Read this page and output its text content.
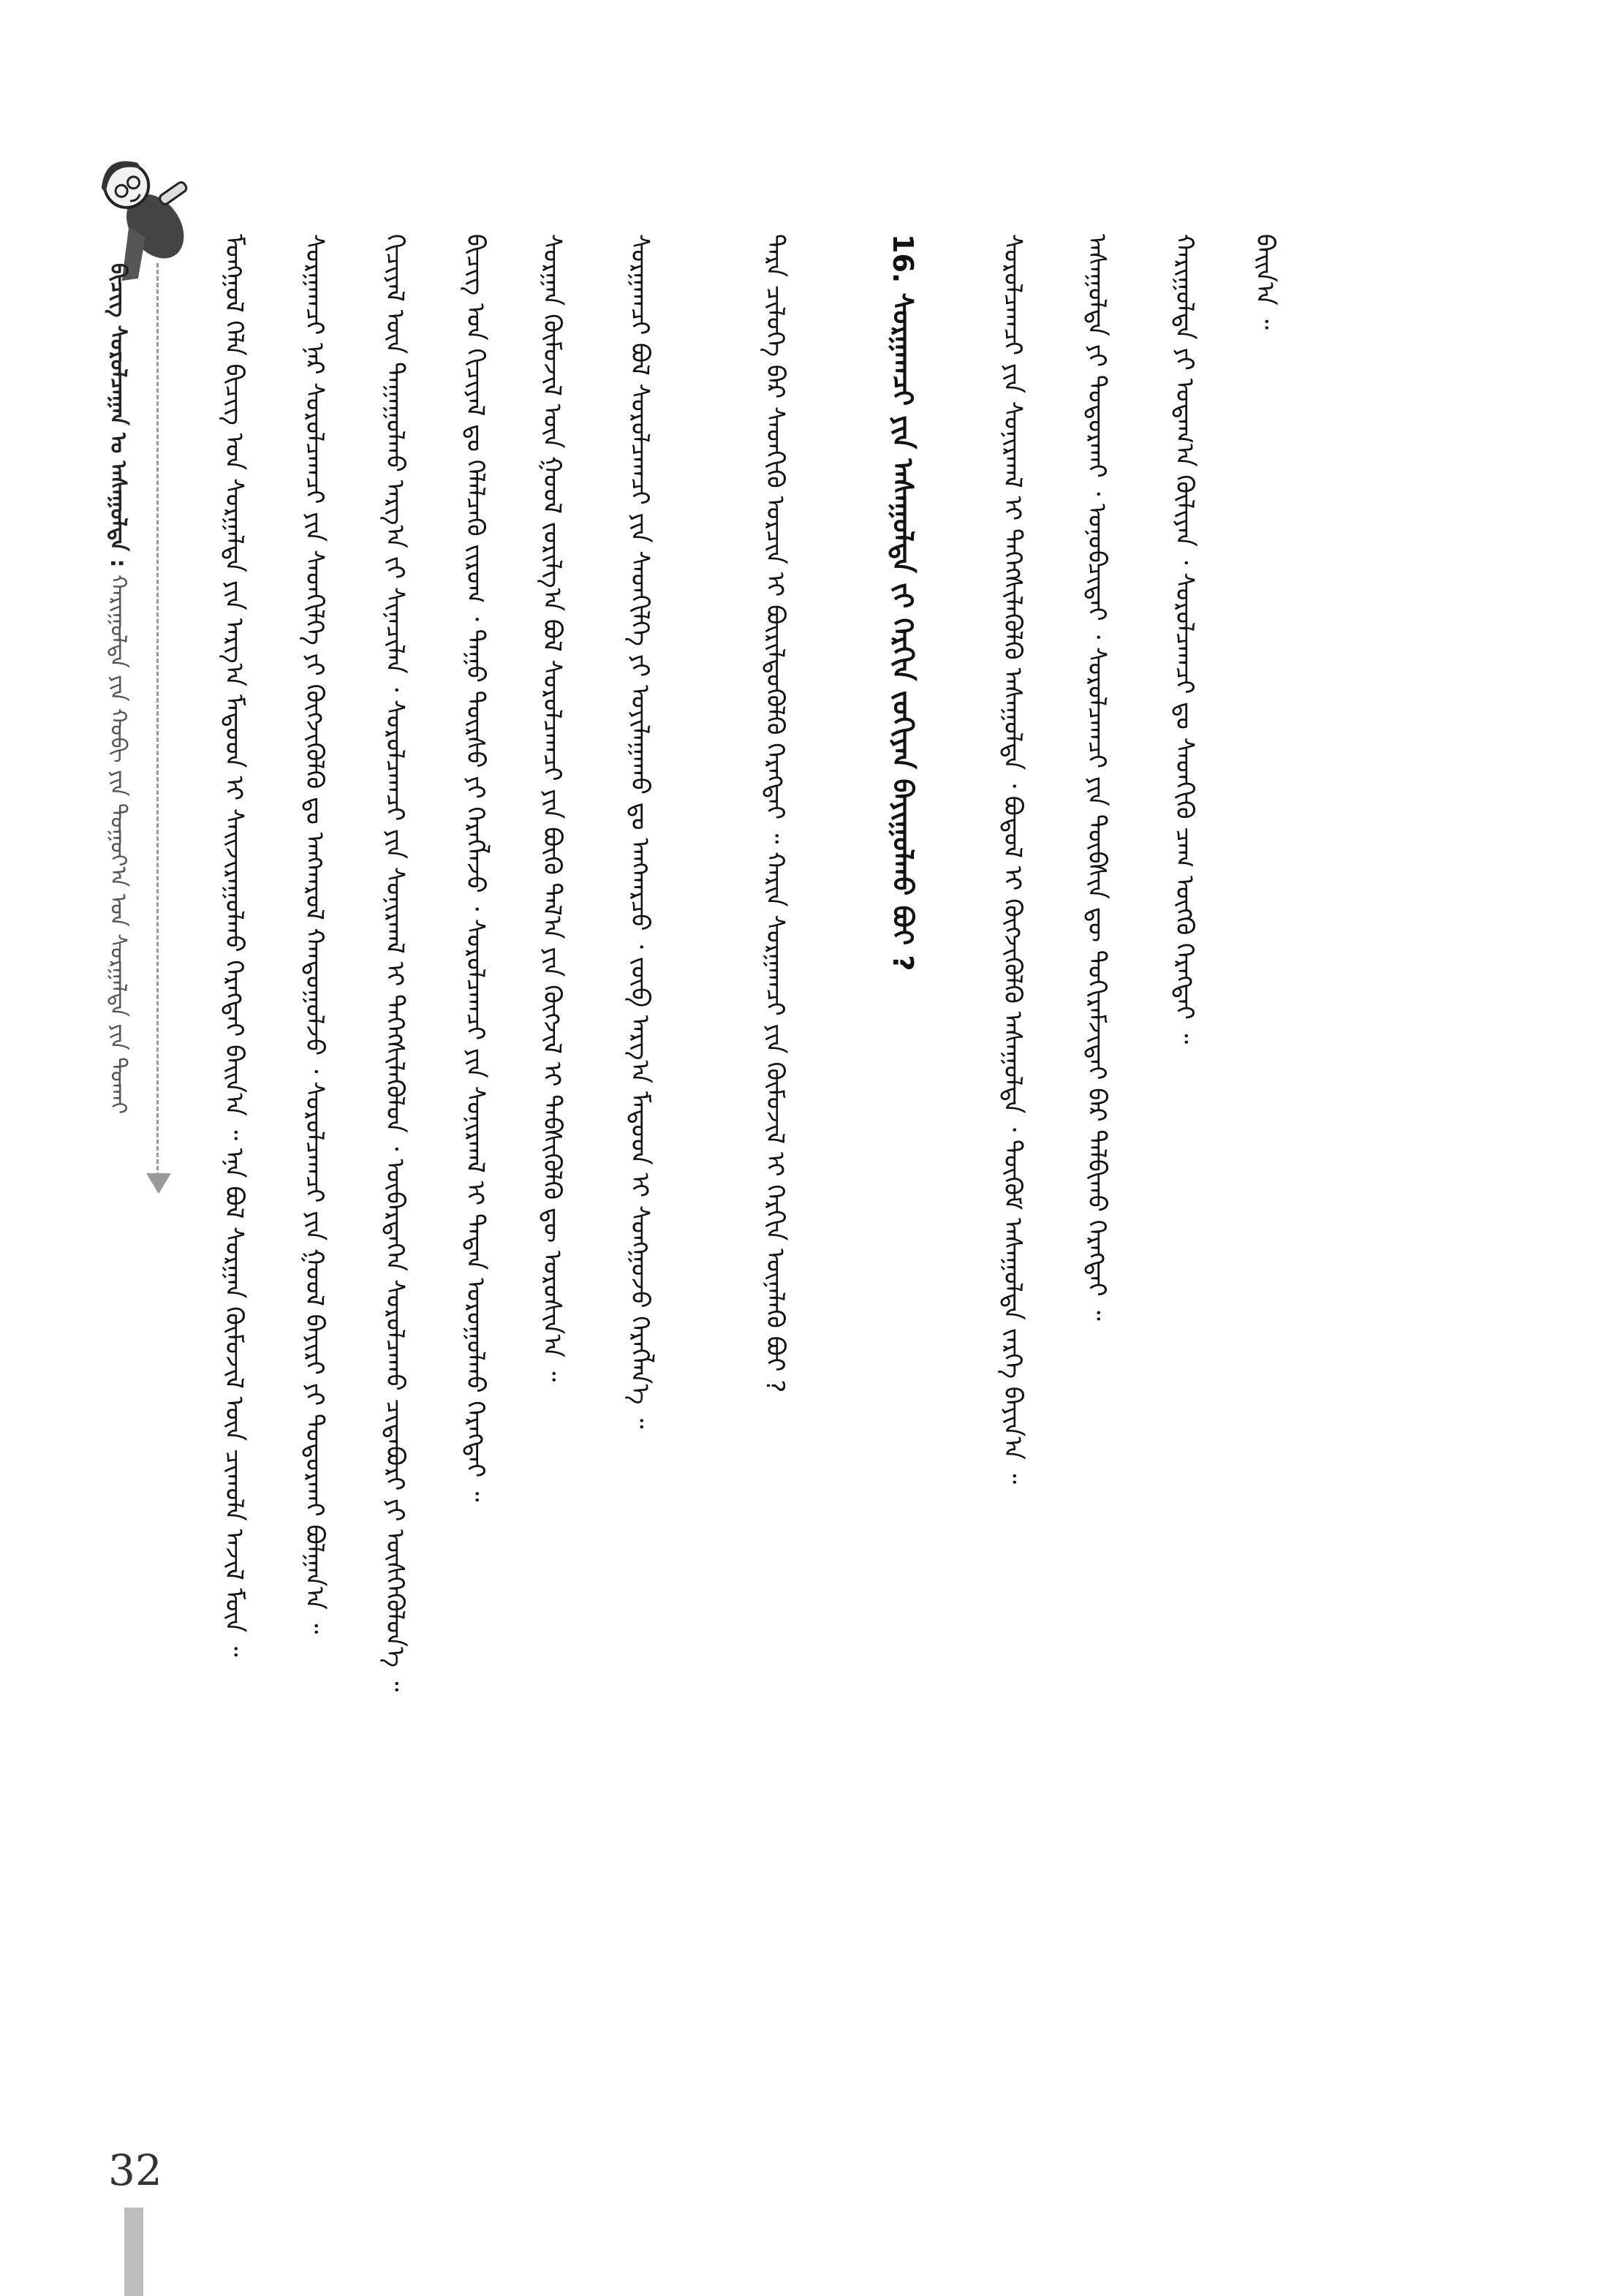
ᠪᠢᠴᠢᠭ ᠰᠤᠷᠤᠯᠴᠠᠭᠠᠨ ᠤ ᠠᠰᠠᠭᠤᠯᠲᠠ : ᠬᠠᠷᠢᠭᠤᠯᠲᠠ ᠶᠢᠨ ᠬᠤᠪᠢ ᠶᠢᠨ ᠳᠤᠭᠤᠶ᠎ᠠ ᠤᠨ ᠰᠤᠷᠭᠠᠯᠲᠠ ᠶᠢᠨ ᠲᠤᠬᠠᠢ	ᠮᠣᠩᠭᠣᠯ ᠬᠡᠯᠡ ᠪᠢᠴᠢᠭ ᠤᠨ ᠰᠤᠷᠭᠠᠯᠲᠠ ᠶᠢᠨ ᠠᠷᠭ᠎ᠠ ᠮᠡᠲᠤᠳ ᠢ ᠰᠠᠢᠵᠢᠷᠠᠭᠤᠯᠬᠤ ᠬᠡᠷᠡᠭᠲᠡᠢ ᠪᠠᠢᠨ᠎ᠠ ᠃ ᠡᠨᠡ ᠪᠤᠯ ᠰᠤᠷᠭᠠᠨ ᠬᠦᠮᠦᠵᠢᠯ ᠦᠨ ᠴᠢᠬᠤᠯᠠ ᠠᠵᠢᠯ ᠮᠥᠨ ᠃ ᠰᠤᠷᠭᠠᠭᠴᠢ ᠨᠠᠷ ᠰᠤᠷᠤᠯᠴᠠᠭᠴᠢ ᠶᠢᠨ ᠰᠡᠳᠬᠢᠯᠭᠡ ᠶᠢ ᠬᠥᠭᠵᠢᠭᠦᠯᠬᠦ ᠳᠤ ᠠᠩᠬᠠᠷᠤᠯ ᠬᠠᠨᠳᠤᠭᠤᠯᠵᠤ ᠂ ᠰᠤᠷᠤᠯᠴᠠᠭᠴᠢ ᠶᠢᠨ ᠭᠣᠣᠯ ᠪᠠᠶᠢᠷᠢ ᠶᠢ ᠲᠣᠳᠣᠷᠬᠠᠢ ᠪᠣᠯᠭᠠᠨ᠎ᠠ ᠃ ᠬᠢᠴᠢᠶᠡᠯ ᠦᠨ ᠳᠠᠭᠠᠭᠤᠯᠬᠤ ᠠᠷᠭ᠎ᠠ ᠵᠢ ᠰᠢᠨᠡᠴᠢᠯᠡᠨ ᠂ ᠰᠤᠷᠤᠯᠴᠠᠭᠴᠢ ᠶᠢᠨ ᠰᠣᠨᠢᠷᠬᠠᠯ ᠢ ᠳᠡᠭᠡᠭᠰᠢᠯᠡᠭᠦᠯᠦᠨ ᠂ ᠥᠪᠡᠷᠲᠡᠭᠡᠨ ᠰᠤᠷᠤᠯᠴᠠᠬᠤ ᠴᠢᠳᠠᠪᠤᠷᠢ ᠶᠢ ᠥᠰᠭᠡᠭᠦᠯᠦᠨ᠎ᠡ ᠃ ᠪᠢᠴᠢᠭ ᠤᠨ ᠬᠢᠴᠢᠶᠡᠯ ᠳᠤ ᠬᠡᠯᠡᠯᠴᠡᠬᠦ ᠵᠢᠷᠤᠭ ᠂ ᠳᠠᠭᠤ ᠳᠦᠷᠰᠦ ᠶᠢ ᠬᠡᠷᠡᠭᠯᠡᠵᠦ ᠂ ᠰᠤᠷᠤᠯᠴᠠᠭᠴᠢ ᠶᠢᠨ ᠰᠣᠨᠢᠷᠬᠠᠯ ᠢ ᠲᠠᠲᠠᠨ ᠣᠷᠣᠭᠤᠯᠬᠤ ᠬᠡᠷᠡᠭᠲᠡᠢ ᠃ ᠰᠤᠷᠭᠠᠨ ᠬᠦᠮᠦᠵᠢᠯ ᠦᠨ ᠭᠣᠣᠯ ᠵᠣᠷᠢᠯᠭ᠎ᠠ ᠪᠣᠯ ᠰᠤᠷᠤᠯᠴᠠᠭᠴᠢ ᠶᠢᠨ ᠪᠦᠬᠦ ᠲᠠᠯ᠎ᠠ ᠶᠢᠨ ᠬᠥᠭᠵᠢᠯ ᠢ ᠳᠡᠪᠰᠢᠭᠦᠯᠬᠦ ᠳᠦ ᠣᠷᠣᠰᠢᠨ᠎ᠠ ᠃ ᠰᠤᠷᠭᠠᠭᠴᠢ ᠪᠣᠯ ᠰᠤᠷᠤᠯᠴᠠᠭᠴᠢ ᠶᠢᠨ ᠰᠡᠳᠬᠢᠯᠭᠡ ᠶᠢ ᠣᠶᠢᠯᠠᠭᠠᠬᠤ ᠳᠤ ᠠᠩᠬᠠᠷᠴᠤ ᠂ ᠵᠥᠪ ᠠᠷᠭ᠎ᠠ ᠮᠡᠲᠤᠳ ᠢ ᠰᠣᠩᠭᠣᠵᠤ ᠬᠡᠷᠡᠭᠯᠡᠨ᠎ᠡ ᠃	ᠲᠡᠷᠡ ᠴᠢᠯᠦᠭᠡ ᠪᠡᠷ ᠰᠡᠳᠬᠢᠬᠦ ᠣᠷᠴᠢᠨ ᠢ ᠪᠦᠷᠢᠯᠳᠦᠭᠦᠯᠬᠦ ᠬᠡᠷᠡᠭᠲᠡᠢ ᠃ ᠬᠠᠷᠢᠨ ᠰᠤᠷᠭᠠᠭᠴᠢ ᠶᠢᠨ ᠬᠦᠮᠦᠵᠢᠯ ᠢ ᠬᠡᠷᠬᠢᠨ ᠦᠨᠡᠯᠡᠬᠦ ᠪᠤᠢ ?	16. ᠰᠤᠷᠭᠠᠭᠴᠢ ᠶᠢᠨ ᠠᠰᠠᠭᠤᠯᠲᠠ ᠵᠢ ᠬᠡᠷᠬᠢᠨ ᠵᠣᠬᠢᠶᠠᠨ ᠪᠠᠶᠢᠭᠤᠯᠬᠤ ᠪᠤᠢ ?	ᠰᠤᠷᠤᠯᠴᠠᠭᠴᠢ ᠶᠢᠨ ᠰᠣᠨᠢᠷᠬᠠᠯ ᠢ ᠳᠡᠭᠡᠭᠰᠢᠯᠡᠭᠦᠯᠬᠦ ᠠᠰᠠᠭᠤᠯᠲᠠ ᠂ ᠪᠣᠳᠣᠯ ᠢ ᠬᠥᠭᠵᠢᠭᠦᠯᠬᠦ ᠠᠰᠠᠭᠤᠯᠲᠠ ᠂ ᠳᠦᠭᠦᠮ ᠠᠰᠠᠭᠤᠯᠲᠠ ᠵᠡᠷᠭᠡ ᠪᠠᠶᠢᠨ᠎ᠠ ᠃ ᠠᠰᠠᠭᠤᠯᠲᠠ ᠶᠢ ᠲᠣᠳᠣᠷᠬᠠᠢ ᠂ ᠣᠨᠣᠪᠴᠢᠲᠠᠢ ᠂ ᠰᠤᠷᠤᠯᠴᠠᠭᠴᠢ ᠶᠢᠨ ᠲᠦᠪᠰᠢᠨ ᠳᠦ ᠲᠣᠬᠢᠷᠠᠮᠵᠢᠲᠠᠢ ᠪᠡᠷ ᠲᠠᠯᠪᠢᠬᠤ ᠬᠡᠷᠡᠭᠲᠡᠢ ᠃ ᠬᠠᠷᠢᠭᠤᠯᠲᠠ ᠶᠢ ᠤᠳᠠᠭ᠎ᠠ ᠬᠦᠯᠢᠶᠡᠨ ᠂ ᠰᠤᠷᠤᠯᠴᠠᠭᠴᠢ ᠳᠤ ᠰᠡᠳᠬᠢᠬᠦ ᠴᠠᠭ ᠥᠭᠬᠦ ᠬᠡᠷᠡᠭᠲᠡᠢ ᠃ ᠪᠠᠢᠨ᠎ᠠ ᠃
32
